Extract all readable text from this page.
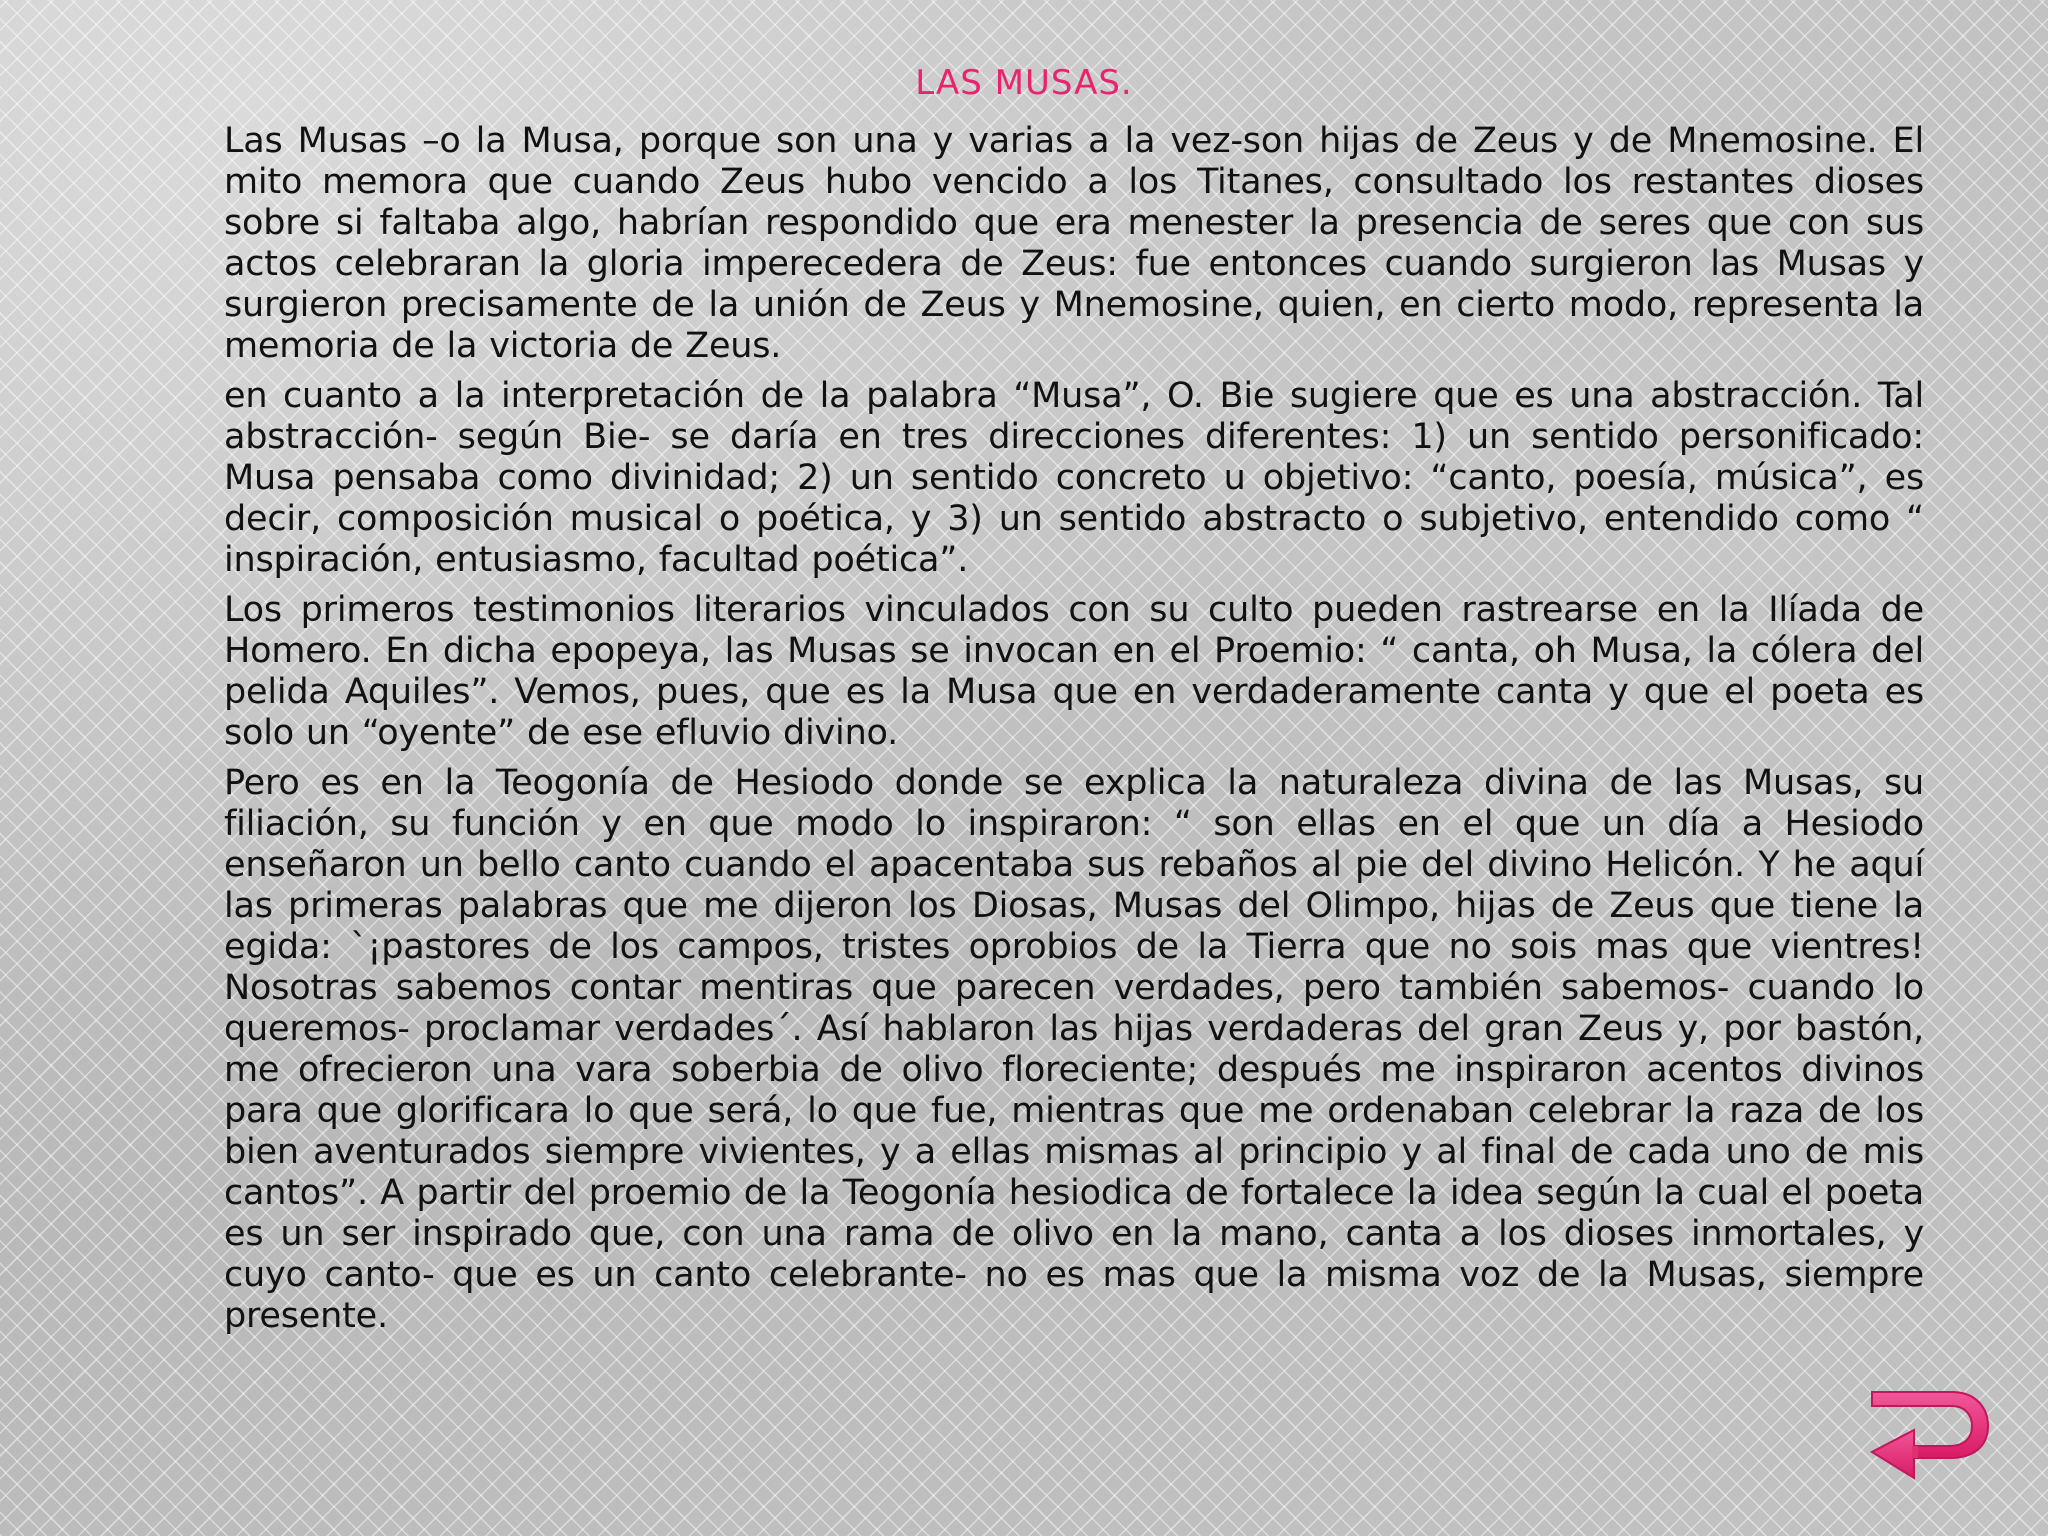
LAS MUSAS.

Las Musas –o la Musa, porque son una y varias a la vez-son hijas de Zeus y de Mnemosine. El mito memora que cuando Zeus hubo vencido a los Titanes, consultado los restantes dioses sobre si faltaba algo, habrían respondido que era menester la presencia de seres que con sus actos celebraran la gloria imperecedera de Zeus: fue entonces cuando surgieron las Musas y surgieron precisamente de la unión de Zeus y Mnemosine, quien, en cierto modo, representa la memoria de la victoria de Zeus.

en cuanto a la interpretación de la palabra “Musa”, O. Bie sugiere que es una abstracción. Tal abstracción- según Bie- se daría en tres direcciones diferentes: 1) un sentido personificado: Musa pensaba como divinidad; 2) un sentido concreto u objetivo: “canto, poesía, música”, es decir, composición musical o poética, y 3) un sentido abstracto o subjetivo, entendido como “ inspiración, entusiasmo, facultad poética”.

Los primeros testimonios literarios vinculados con su culto pueden rastrearse en la Ilíada de Homero. En dicha epopeya, las Musas se invocan en el Proemio: “ canta, oh Musa, la cólera del pelida Aquiles”. Vemos, pues, que es la Musa que en verdaderamente canta y que el poeta es solo un “oyente” de ese efluvio divino.

Pero es en la Teogonía de Hesiodo donde se explica la naturaleza divina de las Musas, su filiación, su función y en que modo lo inspiraron: “ son ellas en el que un día a Hesiodo enseñaron un bello canto cuando el apacentaba sus rebaños al pie del divino Helicón. Y he aquí las primeras palabras que me dijeron los Diosas, Musas del Olimpo, hijas de Zeus que tiene la egida: `¡pastores de los campos, tristes oprobios de la Tierra que no sois mas que vientres! Nosotras sabemos contar mentiras que parecen verdades, pero también sabemos- cuando lo queremos- proclamar verdades´. Así hablaron las hijas verdaderas del gran Zeus y, por bastón, me ofrecieron una vara soberbia de olivo floreciente; después me inspiraron acentos divinos para que glorificara lo que será, lo que fue, mientras que me ordenaban celebrar la raza de los bien aventurados siempre vivientes, y a ellas mismas al principio y al final de cada uno de mis cantos”. A partir del proemio de la Teogonía hesiodica de fortalece la idea según la cual el poeta es un ser inspirado que, con una rama de olivo en la mano, canta a los dioses inmortales, y cuyo canto- que es un canto celebrante- no es mas que la misma voz de la Musas, siempre presente.
